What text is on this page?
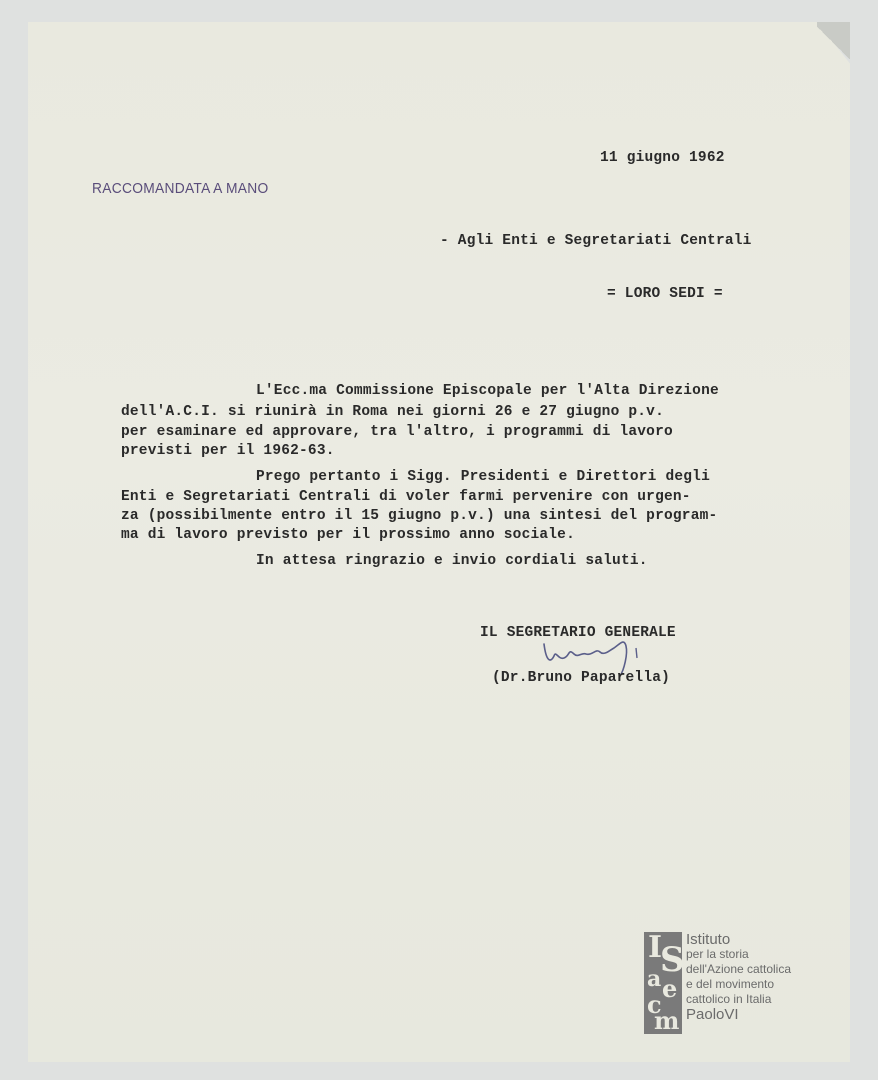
11 giugno 1962
RACCOMANDATA A MANO
- Agli Enti e Segretariati Centrali
= LORO SEDI =
L'Ecc.ma Commissione Episcopale per l'Alta Direzione
dell'A.C.I. si riunirà in Roma nei giorni 26 e 27 giugno p.v.
per esaminare ed approvare, tra l'altro, i programmi di lavoro
previsti per il 1962-63.
Prego pertanto i Sigg. Presidenti e Direttori degli
Enti e Segretariati Centrali di voler farmi pervenire con urgen-
za (possibilmente entro il 15 giugno p.v.) una sintesi del program-
ma di lavoro previsto per il prossimo anno sociale.
In attesa ringrazio e invio cordiali saluti.
IL SEGRETARIO GENERALE
(Dr.Bruno Paparella)
I
S
a e
c
m
Istituto
per la storia
dell'Azione cattolica
e del movimento
cattolico in Italia
PaoloVI
